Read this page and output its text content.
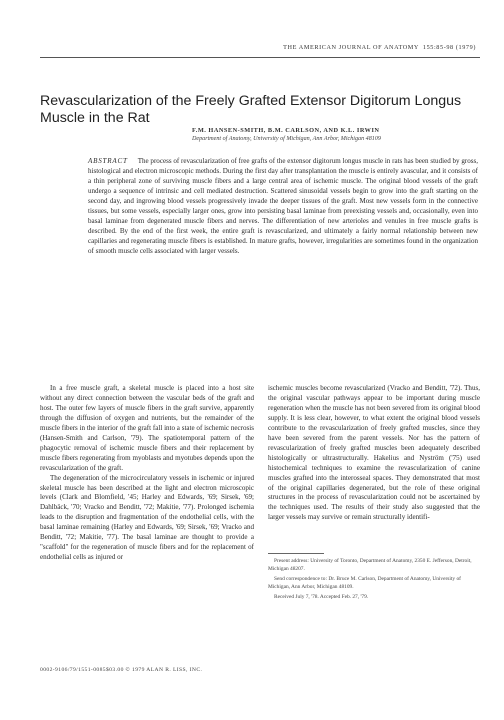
THE AMERICAN JOURNAL OF ANATOMY 155:85-98 (1979)
Revascularization of the Freely Grafted Extensor Digitorum Longus Muscle in the Rat
F.M. HANSEN-SMITH, B.M. CARLSON, AND K.L. IRWIN
Department of Anatomy, University of Michigan, Ann Arbor, Michigan 48109
ABSTRACT The process of revascularization of free grafts of the extensor digitorum longus muscle in rats has been studied by gross, histological and electron microscopic methods. During the first day after transplantation the muscle is entirely avascular, and it consists of a thin peripheral zone of surviving muscle fibers and a large central area of ischemic muscle. The original blood vessels of the graft undergo a sequence of intrinsic and cell mediated destruction. Scattered sinusoidal vessels begin to grow into the graft starting on the second day, and ingrowing blood vessels progressively invade the deeper tissues of the graft. Most new vessels form in the connective tissues, but some vessels, especially larger ones, grow into persisting basal laminae from preexisting vessels and, occasionally, even into basal laminae from degenerated muscle fibers and nerves. The differentiation of new arterioles and venules in free muscle grafts is described. By the end of the first week, the entire graft is revascularized, and ultimately a fairly normal relationship between new capillaries and regenerating muscle fibers is established. In mature grafts, however, irregularities are sometimes found in the organization of smooth muscle cells associated with larger vessels.

In a free muscle graft, a skeletal muscle is placed into a host site without any direct connection between the vascular beds of the graft and host. The outer few layers of muscle fibers in the graft survive, apparently through the diffusion of oxygen and nutrients, but the remainder of the muscle fibers in the interior of the graft fall into a state of ischemic necrosis (Hansen-Smith and Carlson, '79). The spatiotemporal pattern of the phagocytic removal of ischemic muscle fibers and their replacement by muscle fibers regenerating from myoblasts and myotubes depends upon the revascularization of the graft.

The degeneration of the microcirculatory vessels in ischemic or injured skeletal muscle has been described at the light and electron microscopic levels (Clark and Blomfield, '45; Harley and Edwards, '69; Sirsek, '69; Dahlbäck, '70; Vracko and Benditt, '72; Makitie, '77). Prolonged ischemia leads to the disruption and fragmentation of the endothelial cells, with the basal laminae remaining (Harley and Edwards, '69; Sirsek, '69; Vracko and Benditt, '72; Makitie, '77). The basal laminae are thought to provide a "scaffold" for the regeneration of muscle fibers and for the replacement of endothelial cells as injured or

ischemic muscles become revascularized (Vracko and Benditt, '72). Thus, the original vascular pathways appear to be important during muscle regeneration when the muscle has not been severed from its original blood supply. It is less clear, however, to what extent the original blood vessels contribute to the revascularization of freely grafted muscles, since they have been severed from the parent vessels. Nor has the pattern of revascularization of freely grafted muscles been adequately described histologically or ultrastructurally. Hakelius and Nyström ('75) used histochemical techniques to examine the revascularization of canine muscles grafted into the interosseal spaces. They demonstrated that most of the original capillaries degenerated, but the role of these original structures in the process of revascularization could not be ascertained by the techniques used. The results of their study also suggested that the larger vessels may survive or remain structurally identifi-

Present address: University of Toronto, Department of Anatomy, 2350 E. Jefferson, Detroit, Michigan 48207.

Send correspondence to: Dr. Bruce M. Carlson, Department of Anatomy, University of Michigan, Ann Arbor, Michigan 48109.

Received July 7, '78. Accepted Feb. 27, '79.

0002-9106/79/1551-0085$03.00 © 1979 ALAN R. LISS, INC.
